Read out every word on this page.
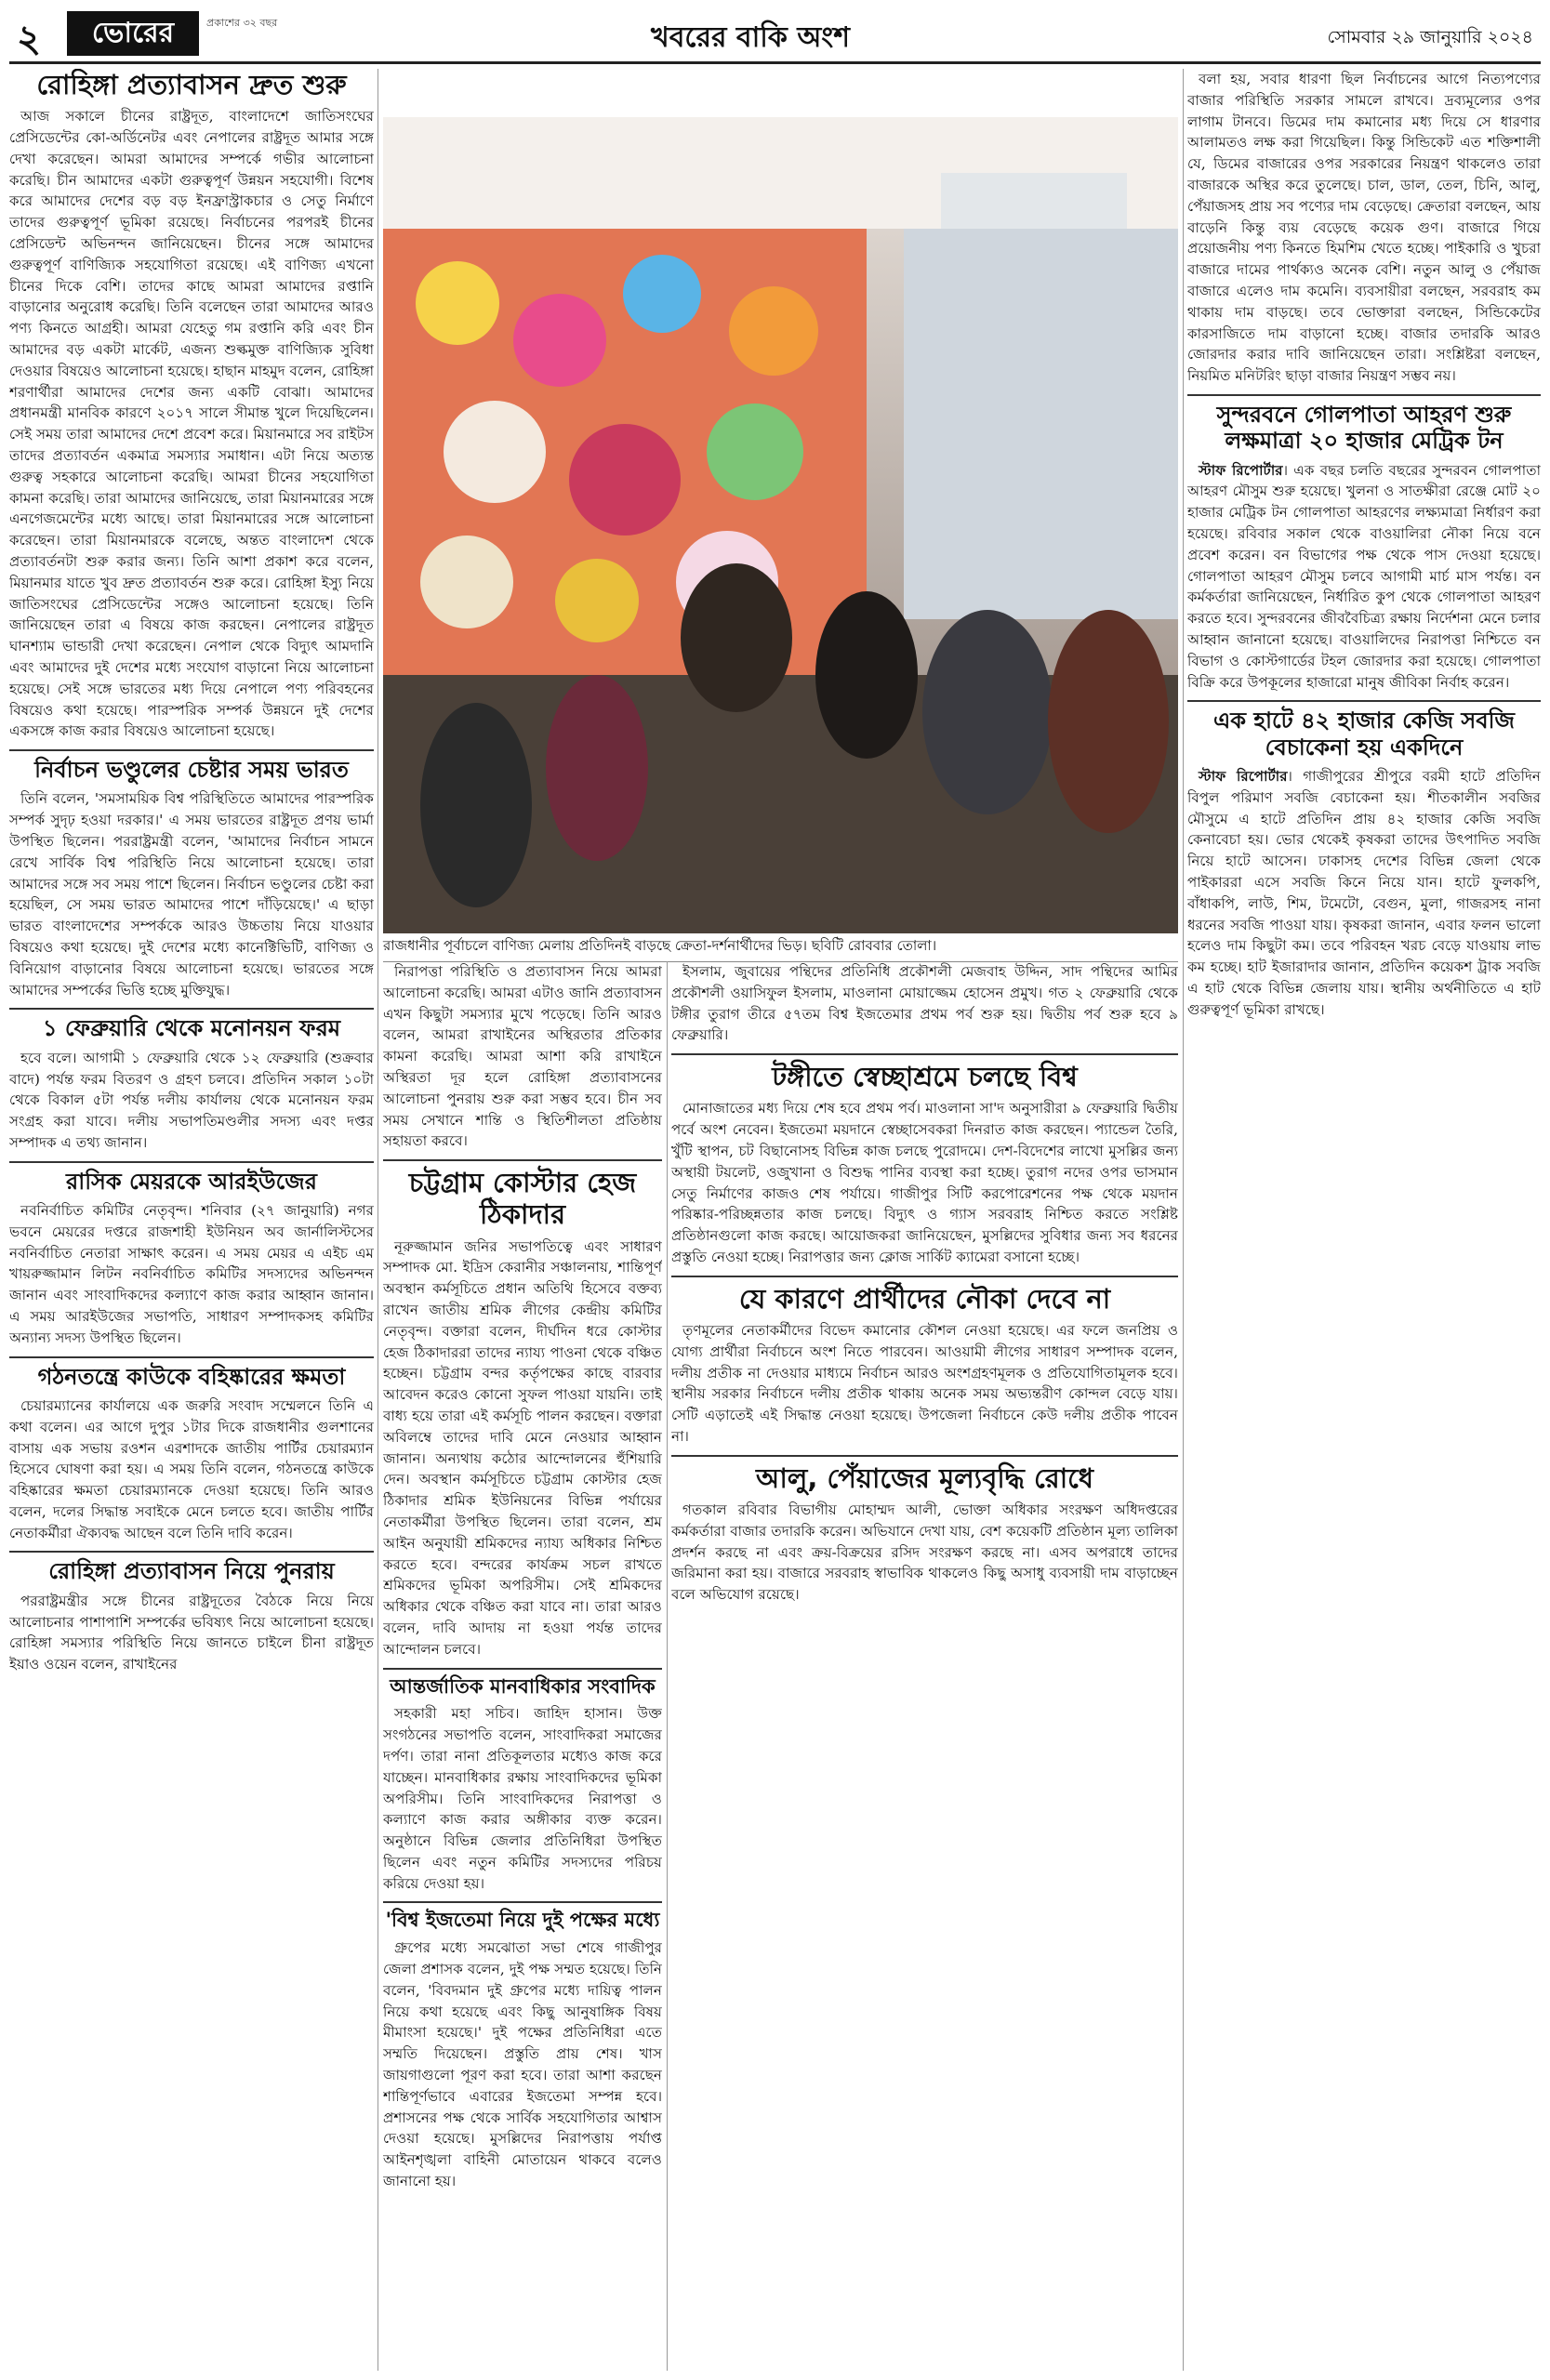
২	ভোরের	প্রকাশের ৩২ বছর	খবরের বাকি অংশ	সোমবার ২৯ জানুয়ারি ২০২৪
রোহিঙ্গা প্রত্যাবাসন দ্রুত শুরু

আজ সকালে চীনের রাষ্ট্রদূত, বাংলাদেশে জাতিসংঘের প্রেসিডেন্টের কো-অর্ডিনেটর এবং নেপালের রাষ্ট্রদূত আমার সঙ্গে দেখা করেছেন। আমরা আমাদের সম্পর্কে গভীর আলোচনা করেছি। চীন আমাদের একটা গুরুত্বপূর্ণ উন্নয়ন সহযোগী। বিশেষ করে আমাদের দেশের বড় বড় ইনফ্রাস্ট্রাকচার ও সেতু নির্মাণে তাদের গুরুত্বপূর্ণ ভূমিকা রয়েছে। নির্বাচনের পরপরই চীনের প্রেসিডেন্ট অভিনন্দন জানিয়েছেন। চীনের সঙ্গে আমাদের গুরুত্বপূর্ণ বাণিজ্যিক সহযোগিতা রয়েছে। এই বাণিজ্য এখনো চীনের দিকে বেশি। তাদের কাছে আমরা আমাদের রপ্তানি বাড়ানোর অনুরোধ করেছি। তিনি বলেছেন তারা আমাদের আরও পণ্য কিনতে আগ্রহী। আমরা যেহেতু গম রপ্তানি করি এবং চীন আমাদের বড় একটা মার্কেট, এজন্য শুল্কমুক্ত বাণিজ্যিক সুবিধা দেওয়ার বিষয়েও আলোচনা হয়েছে। হাছান মাহমুদ বলেন, রোহিঙ্গা শরণার্থীরা আমাদের দেশের জন্য একটি বোঝা। আমাদের প্রধানমন্ত্রী মানবিক কারণে ২০১৭ সালে সীমান্ত খুলে দিয়েছিলেন। সেই সময় তারা আমাদের দেশে প্রবেশ করে। মিয়ানমারে সব রাইটস তাদের প্রত্যাবর্তন একমাত্র সমস্যার সমাধান। এটা নিয়ে অত্যন্ত গুরুত্ব সহকারে আলোচনা করেছি। আমরা চীনের সহযোগিতা কামনা করেছি। তারা আমাদের জানিয়েছে, তারা মিয়ানমারের সঙ্গে এনগেজমেন্টের মধ্যে আছে। তারা মিয়ানমারের সঙ্গে আলোচনা করেছেন। তারা মিয়ানমারকে বলেছে, অন্তত বাংলাদেশ থেকে প্রত্যাবর্তনটা শুরু করার জন্য। তিনি আশা প্রকাশ করে বলেন, মিয়ানমার যাতে খুব দ্রুত প্রত্যাবর্তন শুরু করে। রোহিঙ্গা ইস্যু নিয়ে জাতিসংঘের প্রেসিডেন্টের সঙ্গেও আলোচনা হয়েছে। তিনি জানিয়েছেন তারা এ বিষয়ে কাজ করছেন। নেপালের রাষ্ট্রদূত ঘানশ্যাম ভান্ডারী দেখা করেছেন। নেপাল থেকে বিদ্যুৎ আমদানি এবং আমাদের দুই দেশের মধ্যে সংযোগ বাড়ানো নিয়ে আলোচনা হয়েছে। সেই সঙ্গে ভারতের মধ্য দিয়ে নেপালে পণ্য পরিবহনের বিষয়েও কথা হয়েছে। পারস্পরিক সম্পর্ক উন্নয়নে দুই দেশের একসঙ্গে কাজ করার বিষয়েও আলোচনা হয়েছে।

নির্বাচন ভণ্ডুলের চেষ্টার সময় ভারত

তিনি বলেন, 'সমসাময়িক বিশ্ব পরিস্থিতিতে আমাদের পারস্পরিক সম্পর্ক সুদৃঢ় হওয়া দরকার।' এ সময় ভারতের রাষ্ট্রদূত প্রণয় ভার্মা উপস্থিত ছিলেন। পররাষ্ট্রমন্ত্রী বলেন, 'আমাদের নির্বাচন সামনে রেখে সার্বিক বিশ্ব পরিস্থিতি নিয়ে আলোচনা হয়েছে। তারা আমাদের সঙ্গে সব সময় পাশে ছিলেন। নির্বাচন ভণ্ডুলের চেষ্টা করা হয়েছিল, সে সময় ভারত আমাদের পাশে দাঁড়িয়েছে।' এ ছাড়া ভারত বাংলাদেশের সম্পর্ককে আরও উচ্চতায় নিয়ে যাওয়ার বিষয়েও কথা হয়েছে। দুই দেশের মধ্যে কানেক্টিভিটি, বাণিজ্য ও বিনিয়োগ বাড়ানোর বিষয়ে আলোচনা হয়েছে। ভারতের সঙ্গে আমাদের সম্পর্কের ভিত্তি হচ্ছে মুক্তিযুদ্ধ।

১ ফেব্রুয়ারি থেকে মনোনয়ন ফরম

হবে বলে। আগামী ১ ফেব্রুয়ারি থেকে ১২ ফেব্রুয়ারি (শুক্রবার বাদে) পর্যন্ত ফরম বিতরণ ও গ্রহণ চলবে। প্রতিদিন সকাল ১০টা থেকে বিকাল ৫টা পর্যন্ত দলীয় কার্যালয় থেকে মনোনয়ন ফরম সংগ্রহ করা যাবে। দলীয় সভাপতিমণ্ডলীর সদস্য এবং দপ্তর সম্পাদক এ তথ্য জানান।

রাসিক মেয়রকে আরইউজের

নবনির্বাচিত কমিটির নেতৃবৃন্দ। শনিবার (২৭ জানুয়ারি) নগর ভবনে মেয়রের দপ্তরে রাজশাহী ইউনিয়ন অব জার্নালিস্টসের নবনির্বাচিত নেতারা সাক্ষাৎ করেন। এ সময় মেয়র এ এইচ এম খায়রুজ্জামান লিটন নবনির্বাচিত কমিটির সদস্যদের অভিনন্দন জানান এবং সাংবাদিকদের কল্যাণে কাজ করার আহ্বান জানান। এ সময় আরইউজের সভাপতি, সাধারণ সম্পাদকসহ কমিটির অন্যান্য সদস্য উপস্থিত ছিলেন।

গঠনতন্ত্রে কাউকে বহিষ্কারের ক্ষমতা

চেয়ারম্যানের কার্যালয়ে এক জরুরি সংবাদ সম্মেলনে তিনি এ কথা বলেন। এর আগে দুপুর ১টার দিকে রাজধানীর গুলশানের বাসায় এক সভায় রওশন এরশাদকে জাতীয় পার্টির চেয়ারম্যান হিসেবে ঘোষণা করা হয়। এ সময় তিনি বলেন, গঠনতন্ত্রে কাউকে বহিষ্কারের ক্ষমতা চেয়ারম্যানকে দেওয়া হয়েছে। তিনি আরও বলেন, দলের সিদ্ধান্ত সবাইকে মেনে চলতে হবে। জাতীয় পার্টির নেতাকর্মীরা ঐক্যবদ্ধ আছেন বলে তিনি দাবি করেন।

রোহিঙ্গা প্রত্যাবাসন নিয়ে পুনরায়

পররাষ্ট্রমন্ত্রীর সঙ্গে চীনের রাষ্ট্রদূতের বৈঠকে নিয়ে নিয়ে আলোচনার পাশাপাশি সম্পর্কের ভবিষ্যৎ নিয়ে আলোচনা হয়েছে। রোহিঙ্গা সমস্যার পরিস্থিতি নিয়ে জানতে চাইলে চীনা রাষ্ট্রদূত ইয়াও ওয়েন বলেন, রাখাইনের

রাজধানীর পূর্বাচলে বাণিজ্য মেলায় প্রতিদিনই বাড়ছে ক্রেতা-দর্শনার্থীদের ভিড়। ছবিটি রোববার তোলা।

নিরাপত্তা পরিস্থিতি ও প্রত্যাবাসন নিয়ে আমরা আলোচনা করেছি। আমরা এটাও জানি প্রত্যাবাসন এখন কিছুটা সমস্যার মুখে পড়েছে। তিনি আরও বলেন, আমরা রাখাইনের অস্থিরতার প্রতিকার কামনা করেছি। আমরা আশা করি রাখাইনে অস্থিরতা দূর হলে রোহিঙ্গা প্রত্যাবাসনের আলোচনা পুনরায় শুরু করা সম্ভব হবে। চীন সব সময় সেখানে শান্তি ও স্থিতিশীলতা প্রতিষ্ঠায় সহায়তা করবে।

চট্টগ্রাম কোস্টার হেজ ঠিকাদার

নূরুজ্জামান জনির সভাপতিত্বে এবং সাধারণ সম্পাদক মো. ইদ্রিস কেরানীর সঞ্চালনায়, শান্তিপূর্ণ অবস্থান কর্মসূচিতে প্রধান অতিথি হিসেবে বক্তব্য রাখেন জাতীয় শ্রমিক লীগের কেন্দ্রীয় কমিটির নেতৃবৃন্দ। বক্তারা বলেন, দীর্ঘদিন ধরে কোস্টার হেজ ঠিকাদাররা তাদের ন্যায্য পাওনা থেকে বঞ্চিত হচ্ছেন। চট্টগ্রাম বন্দর কর্তৃপক্ষের কাছে বারবার আবেদন করেও কোনো সুফল পাওয়া যায়নি। তাই বাধ্য হয়ে তারা এই কর্মসূচি পালন করছেন। বক্তারা অবিলম্বে তাদের দাবি মেনে নেওয়ার আহ্বান জানান। অন্যথায় কঠোর আন্দোলনের হুঁশিয়ারি দেন। অবস্থান কর্মসূচিতে চট্টগ্রাম কোস্টার হেজ ঠিকাদার শ্রমিক ইউনিয়নের বিভিন্ন পর্যায়ের নেতাকর্মীরা উপস্থিত ছিলেন। তারা বলেন, শ্রম আইন অনুযায়ী শ্রমিকদের ন্যায্য অধিকার নিশ্চিত করতে হবে। বন্দরের কার্যক্রম সচল রাখতে শ্রমিকদের ভূমিকা অপরিসীম। সেই শ্রমিকদের অধিকার থেকে বঞ্চিত করা যাবে না। তারা আরও বলেন, দাবি আদায় না হওয়া পর্যন্ত তাদের আন্দোলন চলবে।

আন্তর্জাতিক মানবাধিকার সংবাদিক

সহকারী মহা সচিব। জাহিদ হাসান। উক্ত সংগঠনের সভাপতি বলেন, সাংবাদিকরা সমাজের দর্পণ। তারা নানা প্রতিকূলতার মধ্যেও কাজ করে যাচ্ছেন। মানবাধিকার রক্ষায় সাংবাদিকদের ভূমিকা অপরিসীম। তিনি সাংবাদিকদের নিরাপত্তা ও কল্যাণে কাজ করার অঙ্গীকার ব্যক্ত করেন। অনুষ্ঠানে বিভিন্ন জেলার প্রতিনিধিরা উপস্থিত ছিলেন এবং নতুন কমিটির সদস্যদের পরিচয় করিয়ে দেওয়া হয়।

'বিশ্ব ইজতেমা নিয়ে দুই পক্ষের মধ্যে

গ্রুপের মধ্যে সমঝোতা সভা শেষে গাজীপুর জেলা প্রশাসক বলেন, দুই পক্ষ সম্মত হয়েছে। তিনি বলেন, 'বিবদমান দুই গ্রুপের মধ্যে দায়িত্ব পালন নিয়ে কথা হয়েছে এবং কিছু আনুষাঙ্গিক বিষয় মীমাংসা হয়েছে।' দুই পক্ষের প্রতিনিধিরা এতে সম্মতি দিয়েছেন। প্রস্তুতি প্রায় শেষ। খাস জায়গাগুলো পূরণ করা হবে। তারা আশা করছেন শান্তিপূর্ণভাবে এবারের ইজতেমা সম্পন্ন হবে। প্রশাসনের পক্ষ থেকে সার্বিক সহযোগিতার আশ্বাস দেওয়া হয়েছে। মুসল্লিদের নিরাপত্তায় পর্যাপ্ত আইনশৃঙ্খলা বাহিনী মোতায়েন থাকবে বলেও জানানো হয়।

ইসলাম, জুবায়ের পন্থিদের প্রতিনিধি প্রকৌশলী মেজবাহ উদ্দিন, সাদ পন্থিদের আমির প্রকৌশলী ওয়াসিফুল ইসলাম, মাওলানা মোয়াজ্জেম হোসেন প্রমুখ। গত ২ ফেব্রুয়ারি থেকে টঙ্গীর তুরাগ তীরে ৫৭তম বিশ্ব ইজতেমার প্রথম পর্ব শুরু হয়। দ্বিতীয় পর্ব শুরু হবে ৯ ফেব্রুয়ারি।

টঙ্গীতে স্বেচ্ছাশ্রমে চলছে বিশ্ব

মোনাজাতের মধ্য দিয়ে শেষ হবে প্রথম পর্ব। মাওলানা সা'দ অনুসারীরা ৯ ফেব্রুয়ারি দ্বিতীয় পর্বে অংশ নেবেন। ইজতেমা ময়দানে স্বেচ্ছাসেবকরা দিনরাত কাজ করছেন। প্যান্ডেল তৈরি, খুঁটি স্থাপন, চট বিছানোসহ বিভিন্ন কাজ চলছে পুরোদমে। দেশ-বিদেশের লাখো মুসল্লির জন্য অস্থায়ী টয়লেট, ওজুখানা ও বিশুদ্ধ পানির ব্যবস্থা করা হচ্ছে। তুরাগ নদের ওপর ভাসমান সেতু নির্মাণের কাজও শেষ পর্যায়ে। গাজীপুর সিটি করপোরেশনের পক্ষ থেকে ময়দান পরিষ্কার-পরিচ্ছন্নতার কাজ চলছে। বিদ্যুৎ ও গ্যাস সরবরাহ নিশ্চিত করতে সংশ্লিষ্ট প্রতিষ্ঠানগুলো কাজ করছে। আয়োজকরা জানিয়েছেন, মুসল্লিদের সুবিধার জন্য সব ধরনের প্রস্তুতি নেওয়া হচ্ছে। নিরাপত্তার জন্য ক্লোজ সার্কিট ক্যামেরা বসানো হচ্ছে।

যে কারণে প্রার্থীদের নৌকা দেবে না

তৃণমূলের নেতাকর্মীদের বিভেদ কমানোর কৌশল নেওয়া হয়েছে। এর ফলে জনপ্রিয় ও যোগ্য প্রার্থীরা নির্বাচনে অংশ নিতে পারবেন। আওয়ামী লীগের সাধারণ সম্পাদক বলেন, দলীয় প্রতীক না দেওয়ার মাধ্যমে নির্বাচন আরও অংশগ্রহণমূলক ও প্রতিযোগিতামূলক হবে। স্থানীয় সরকার নির্বাচনে দলীয় প্রতীক থাকায় অনেক সময় অভ্যন্তরীণ কোন্দল বেড়ে যায়। সেটি এড়াতেই এই সিদ্ধান্ত নেওয়া হয়েছে। উপজেলা নির্বাচনে কেউ দলীয় প্রতীক পাবেন না।

আলু, পেঁয়াজের মূল্যবৃদ্ধি রোধে

গতকাল রবিবার বিভাগীয় মোহাম্মদ আলী, ভোক্তা অধিকার সংরক্ষণ অধিদপ্তরের কর্মকর্তারা বাজার তদারকি করেন। অভিযানে দেখা যায়, বেশ কয়েকটি প্রতিষ্ঠান মূল্য তালিকা প্রদর্শন করছে না এবং ক্রয়-বিক্রয়ের রসিদ সংরক্ষণ করছে না। এসব অপরাধে তাদের জরিমানা করা হয়। বাজারে সরবরাহ স্বাভাবিক থাকলেও কিছু অসাধু ব্যবসায়ী দাম বাড়াচ্ছেন বলে অভিযোগ রয়েছে।

বলা হয়, সবার ধারণা ছিল নির্বাচনের আগে নিত্যপণ্যের বাজার পরিস্থিতি সরকার সামলে রাখবে। দ্রব্যমূল্যের ওপর লাগাম টানবে। ডিমের দাম কমানোর মধ্য দিয়ে সে ধারণার আলামতও লক্ষ করা গিয়েছিল। কিন্তু সিন্ডিকেট এত শক্তিশালী যে, ডিমের বাজারের ওপর সরকারের নিয়ন্ত্রণ থাকলেও তারা বাজারকে অস্থির করে তুলেছে। চাল, ডাল, তেল, চিনি, আলু, পেঁয়াজসহ প্রায় সব পণ্যের দাম বেড়েছে। ক্রেতারা বলছেন, আয় বাড়েনি কিন্তু ব্যয় বেড়েছে কয়েক গুণ। বাজারে গিয়ে প্রয়োজনীয় পণ্য কিনতে হিমশিম খেতে হচ্ছে। পাইকারি ও খুচরা বাজারে দামের পার্থক্যও অনেক বেশি। নতুন আলু ও পেঁয়াজ বাজারে এলেও দাম কমেনি। ব্যবসায়ীরা বলছেন, সরবরাহ কম থাকায় দাম বাড়ছে। তবে ভোক্তারা বলছেন, সিন্ডিকেটের কারসাজিতে দাম বাড়ানো হচ্ছে। বাজার তদারকি আরও জোরদার করার দাবি জানিয়েছেন তারা। সংশ্লিষ্টরা বলছেন, নিয়মিত মনিটরিং ছাড়া বাজার নিয়ন্ত্রণ সম্ভব নয়।

সুন্দরবনে গোলপাতা আহরণ শুরু লক্ষমাত্রা ২০ হাজার মেট্রিক টন

স্টাফ রিপোর্টার। এক বছর চলতি বছরের সুন্দরবন গোলপাতা আহরণ মৌসুম শুরু হয়েছে। খুলনা ও সাতক্ষীরা রেঞ্জে মোট ২০ হাজার মেট্রিক টন গোলপাতা আহরণের লক্ষ্যমাত্রা নির্ধারণ করা হয়েছে। রবিবার সকাল থেকে বাওয়ালিরা নৌকা নিয়ে বনে প্রবেশ করেন। বন বিভাগের পক্ষ থেকে পাস দেওয়া হয়েছে। গোলপাতা আহরণ মৌসুম চলবে আগামী মার্চ মাস পর্যন্ত। বন কর্মকর্তারা জানিয়েছেন, নির্ধারিত কুপ থেকে গোলপাতা আহরণ করতে হবে। সুন্দরবনের জীববৈচিত্র্য রক্ষায় নির্দেশনা মেনে চলার আহ্বান জানানো হয়েছে। বাওয়ালিদের নিরাপত্তা নিশ্চিতে বন বিভাগ ও কোস্টগার্ডের টহল জোরদার করা হয়েছে। গোলপাতা বিক্রি করে উপকূলের হাজারো মানুষ জীবিকা নির্বাহ করেন।

এক হাটে ৪২ হাজার কেজি সবজি বেচাকেনা হয় একদিনে

স্টাফ রিপোর্টার। গাজীপুরের শ্রীপুরে বরমী হাটে প্রতিদিন বিপুল পরিমাণ সবজি বেচাকেনা হয়। শীতকালীন সবজির মৌসুমে এ হাটে প্রতিদিন প্রায় ৪২ হাজার কেজি সবজি কেনাবেচা হয়। ভোর থেকেই কৃষকরা তাদের উৎপাদিত সবজি নিয়ে হাটে আসেন। ঢাকাসহ দেশের বিভিন্ন জেলা থেকে পাইকাররা এসে সবজি কিনে নিয়ে যান। হাটে ফুলকপি, বাঁধাকপি, লাউ, শিম, টমেটো, বেগুন, মুলা, গাজরসহ নানা ধরনের সবজি পাওয়া যায়। কৃষকরা জানান, এবার ফলন ভালো হলেও দাম কিছুটা কম। তবে পরিবহন খরচ বেড়ে যাওয়ায় লাভ কম হচ্ছে। হাট ইজারাদার জানান, প্রতিদিন কয়েকশ ট্রাক সবজি এ হাট থেকে বিভিন্ন জেলায় যায়। স্থানীয় অর্থনীতিতে এ হাট গুরুত্বপূর্ণ ভূমিকা রাখছে।
